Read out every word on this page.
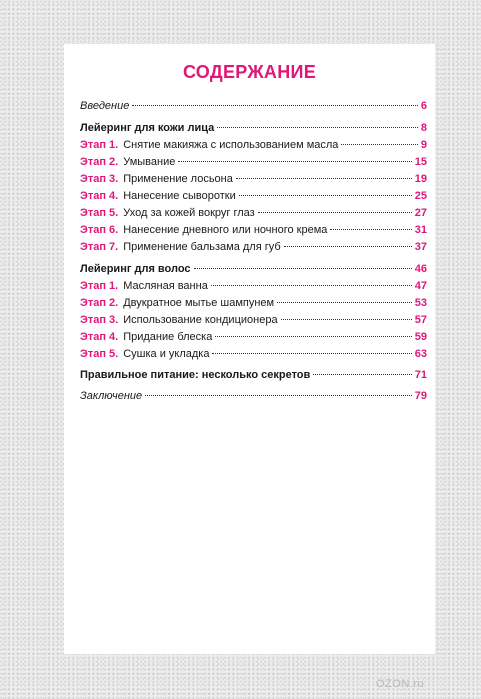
СОДЕРЖАНИЕ
Введение	6
Лейеринг для кожи лица	8
Этап 1. Снятие макияжа с использованием масла	9
Этап 2. Умывание	15
Этап 3. Применение лосьона	19
Этап 4. Нанесение сыворотки	25
Этап 5. Уход за кожей вокруг глаз	27
Этап 6. Нанесение дневного или ночного крема	31
Этап 7. Применение бальзама для губ	37
Лейеринг для волос	46
Этап 1. Масляная ванна	47
Этап 2. Двукратное мытье шампунем	53
Этап 3. Использование кондиционера	57
Этап 4. Придание блеска	59
Этап 5. Сушка и укладка	63
Правильное питание: несколько секретов	71
Заключение	79
OZON.ru
